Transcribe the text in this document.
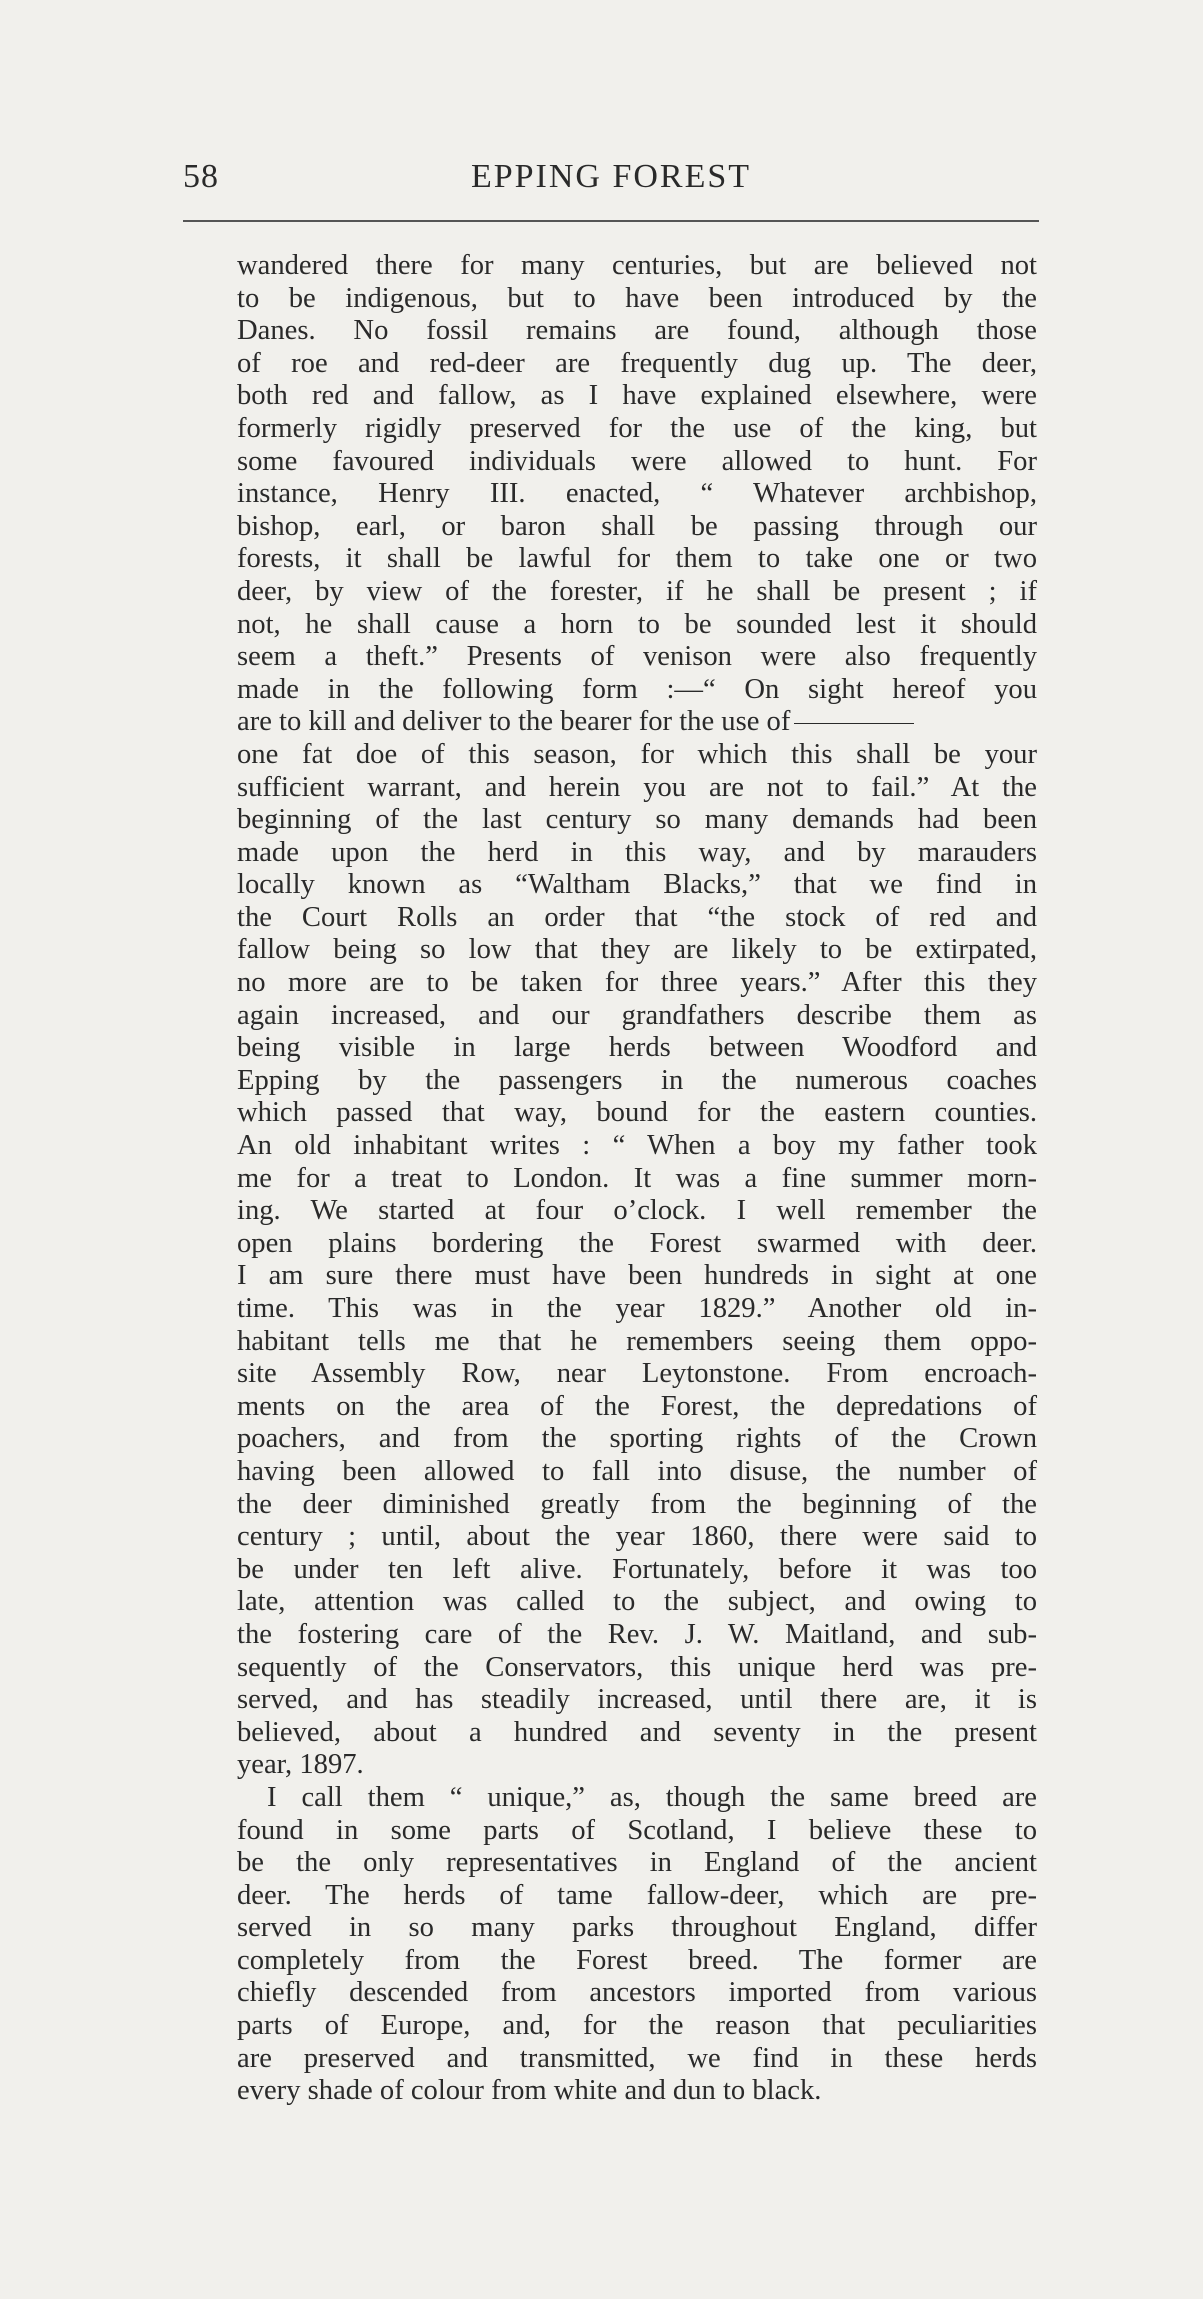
58	EPPING FOREST
wandered there for many centuries, but are believed not
to be indigenous, but to have been introduced by the
Danes. No fossil remains are found, although those
of roe and red-deer are frequently dug up. The deer,
both red and fallow, as I have explained elsewhere, were
formerly rigidly preserved for the use of the king, but
some favoured individuals were allowed to hunt. For
instance, Henry III. enacted, “ Whatever archbishop,
bishop, earl, or baron shall be passing through our
forests, it shall be lawful for them to take one or two
deer, by view of the forester, if he shall be present ; if
not, he shall cause a horn to be sounded lest it should
seem a theft.” Presents of venison were also frequently
made in the following form :—“ On sight hereof you
are to kill and deliver to the bearer for the use of
one fat doe of this season, for which this shall be your
sufficient warrant, and herein you are not to fail.” At the
beginning of the last century so many demands had been
made upon the herd in this way, and by marauders
locally known as “Waltham Blacks,” that we find in
the Court Rolls an order that “the stock of red and
fallow being so low that they are likely to be extirpated,
no more are to be taken for three years.” After this they
again increased, and our grandfathers describe them as
being visible in large herds between Woodford and
Epping by the passengers in the numerous coaches
which passed that way, bound for the eastern counties.
An old inhabitant writes : “ When a boy my father took
me for a treat to London. It was a fine summer morn-
ing. We started at four o’clock. I well remember the
open plains bordering the Forest swarmed with deer.
I am sure there must have been hundreds in sight at one
time. This was in the year 1829.” Another old in-
habitant tells me that he remembers seeing them oppo-
site Assembly Row, near Leytonstone. From encroach-
ments on the area of the Forest, the depredations of
poachers, and from the sporting rights of the Crown
having been allowed to fall into disuse, the number of
the deer diminished greatly from the beginning of the
century ; until, about the year 1860, there were said to
be under ten left alive. Fortunately, before it was too
late, attention was called to the subject, and owing to
the fostering care of the Rev. J. W. Maitland, and sub-
sequently of the Conservators, this unique herd was pre-
served, and has steadily increased, until there are, it is
believed, about a hundred and seventy in the present
year, 1897.
I call them “ unique,” as, though the same breed are
found in some parts of Scotland, I believe these to
be the only representatives in England of the ancient
deer. The herds of tame fallow-deer, which are pre-
served in so many parks throughout England, differ
completely from the Forest breed. The former are
chiefly descended from ancestors imported from various
parts of Europe, and, for the reason that peculiarities
are preserved and transmitted, we find in these herds
every shade of colour from white and dun to black.
